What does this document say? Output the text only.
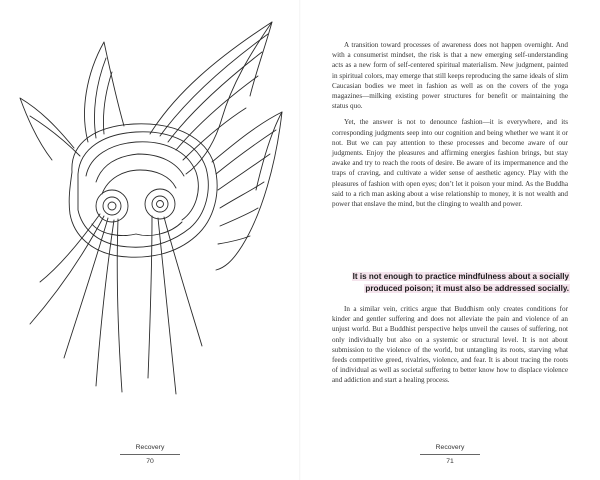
Recovery
70

A transition toward processes of awareness does not happen overnight. And with a consumerist mindset, the risk is that a new emerging self-understanding acts as a new form of self-centered spiritual materialism. New judgment, painted in spiritual colors, may emerge that still keeps reproducing the same ideals of slim Caucasian bodies we meet in fashion as well as on the covers of the yoga magazines—milking existing power structures for benefit or maintaining the status quo.

Yet, the answer is not to denounce fashion—it is everywhere, and its corresponding judgments seep into our cognition and being whether we want it or not. But we can pay attention to these processes and become aware of our judgments. Enjoy the pleasures and affirming energies fashion brings, but stay awake and try to reach the roots of desire. Be aware of its impermanence and the traps of craving, and cultivate a wider sense of aesthetic agency. Play with the pleasures of fashion with open eyes; don’t let it poison your mind. As the Buddha said to a rich man asking about a wise relationship to money, it is not wealth and power that enslave the mind, but the clinging to wealth and power.

It is not enough to practice mindfulness about a socially produced poison; it must also be addressed socially.

In a similar vein, critics argue that Buddhism only creates conditions for kinder and gentler suffering and does not alleviate the pain and violence of an unjust world. But a Buddhist perspective helps unveil the causes of suffering, not only individually but also on a systemic or structural level. It is not about submission to the violence of the world, but untangling its roots, starving what feeds competitive greed, rivalries, violence, and fear. It is about tracing the roots of individual as well as societal suffering to better know how to displace violence and addiction and start a healing process.

Recovery
71
